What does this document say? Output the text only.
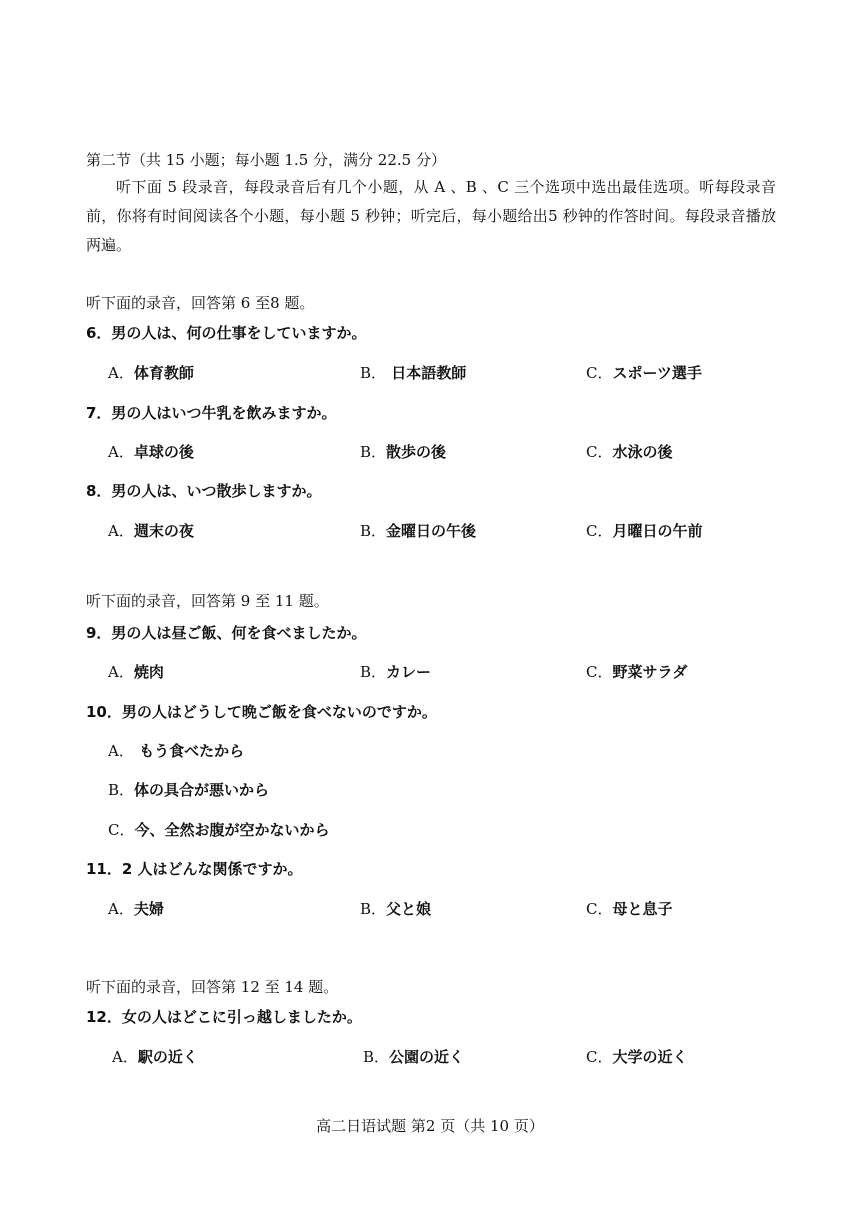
第二节（共 15 小题；每小题 1.5 分，满分 22.5 分）
听下面 5 段录音，每段录音后有几个小题，从 A 、B 、C 三个选项中选出最佳选项。听每段录音前，你将有时间阅读各个小题，每小题 5 秒钟；听完后，每小题给出5 秒钟的作答时间。每段录音播放两遍。
听下面的录音，回答第 6 至8 题。
6．男の人は、何の仕事をしていますか。
A．体育教師	B． 日本語教師	C．スポーツ選手
7．男の人はいつ牛乳を飲みますか。
A．卓球の後	B．散歩の後	C．水泳の後
8．男の人は、いつ散歩しますか。
A．週末の夜	B．金曜日の午後	C．月曜日の午前
听下面的录音，回答第 9 至 11 题。
9．男の人は昼ご飯、何を食べましたか。
A．焼肉	B．カレー	C．野菜サラダ
10．男の人はどうして晩ご飯を食べないのですか。
A． もう食べたから
B．体の具合が悪いから
C．今、全然お腹が空かないから
11．2 人はどんな関係ですか。
A．夫婦	B．父と娘	C．母と息子
听下面的录音，回答第 12 至 14 题。
12．女の人はどこに引っ越しましたか。
A．駅の近く	B．公園の近く	C．大学の近く
高二日语试题 第2 页（共 10 页）
